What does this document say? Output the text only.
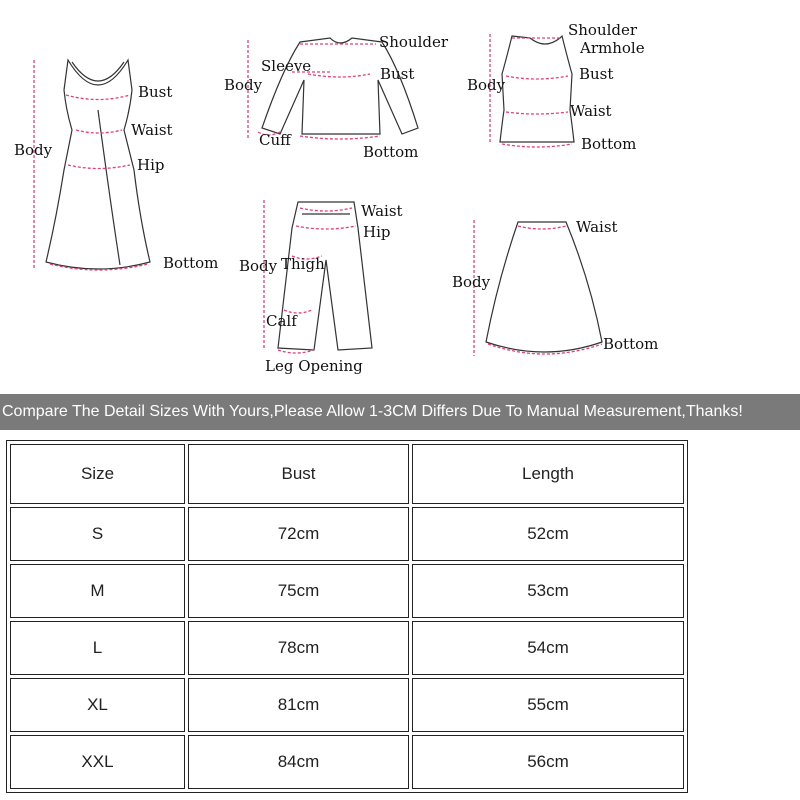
Bust
Waist
Hip
Body
Bottom
Shoulder
Sleeve	Bust
Body
Cuff
Bottom
Shoulder
Armhole
Bust
Body
Waist
Bottom
Waist
Hip
Body Thigh
Calf
Leg Opening
Waist
Body
Bottom
Compare The Detail Sizes With Yours,Please Allow 1-3CM Differs Due To Manual Measurement,Thanks!
Size	Bust	Length
S	72cm	52cm
M	75cm	53cm
L	78cm	54cm
XL	81cm	55cm
XXL	84cm	56cm
